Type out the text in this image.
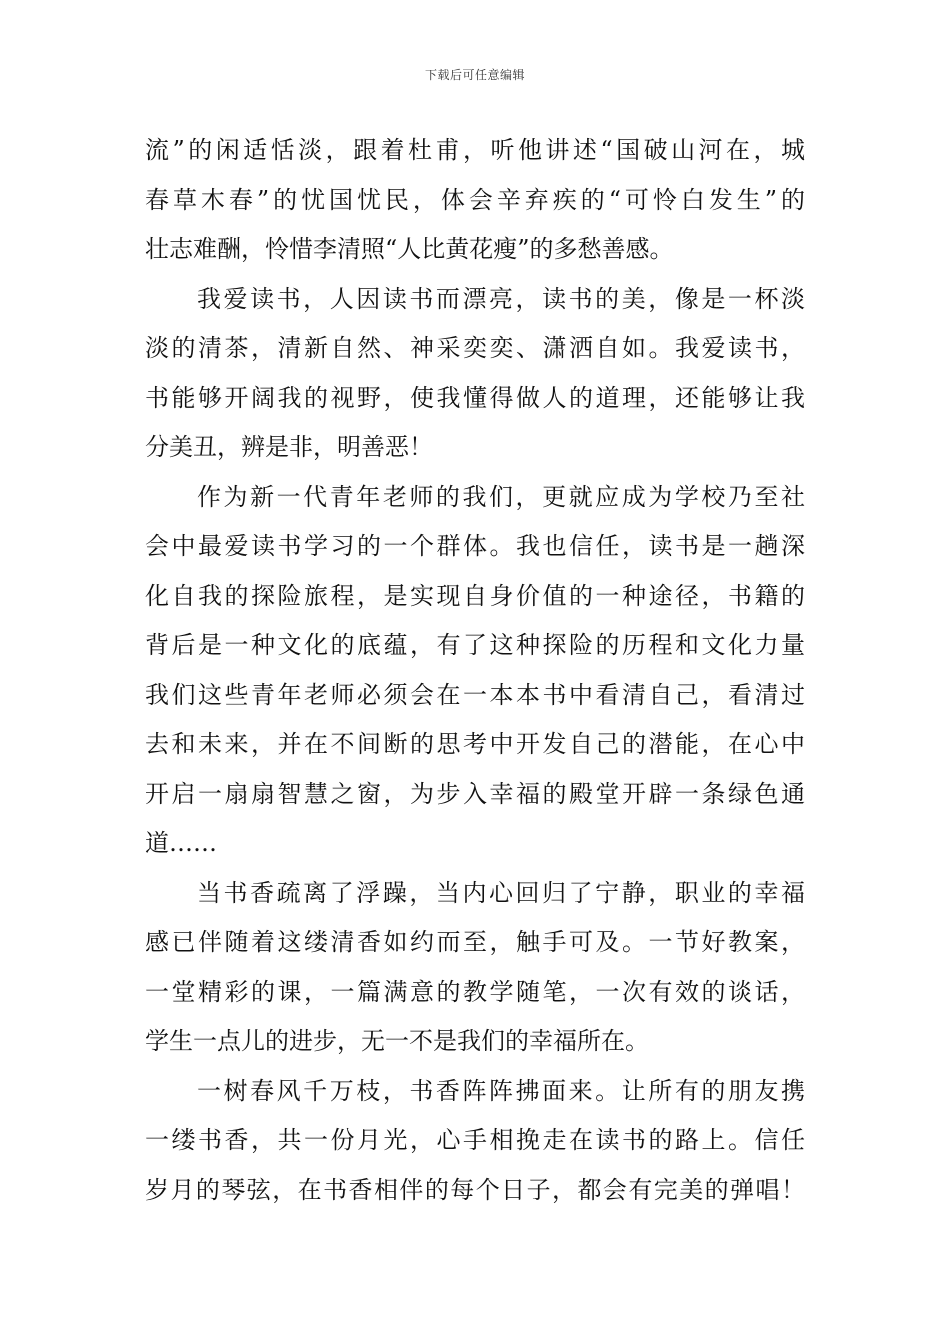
下载后可任意编辑
流”的闲适恬淡，跟着杜甫，听他讲述“国破山河在，城
春草木春”的忧国忧民，体会辛弃疾的“可怜白发生”的
壮志难酬，怜惜李清照“人比黄花瘦”的多愁善感。
我爱读书，人因读书而漂亮，读书的美，像是一杯淡
淡的清茶，清新自然、神采奕奕、潇洒自如。我爱读书，
书能够开阔我的视野，使我懂得做人的道理，还能够让我
分美丑，辨是非，明善恶！
作为新一代青年老师的我们，更就应成为学校乃至社
会中最爱读书学习的一个群体。我也信任，读书是一趟深
化自我的探险旅程，是实现自身价值的一种途径，书籍的
背后是一种文化的底蕴，有了这种探险的历程和文化力量
我们这些青年老师必须会在一本本书中看清自己，看清过
去和未来，并在不间断的思考中开发自己的潜能，在心中
开启一扇扇智慧之窗，为步入幸福的殿堂开辟一条绿色通
道……
当书香疏离了浮躁，当内心回归了宁静，职业的幸福
感已伴随着这缕清香如约而至，触手可及。一节好教案，
一堂精彩的课，一篇满意的教学随笔，一次有效的谈话，
学生一点儿的进步，无一不是我们的幸福所在。
一树春风千万枝，书香阵阵拂面来。让所有的朋友携
一缕书香，共一份月光，心手相挽走在读书的路上。信任
岁月的琴弦，在书香相伴的每个日子，都会有完美的弹唱！
